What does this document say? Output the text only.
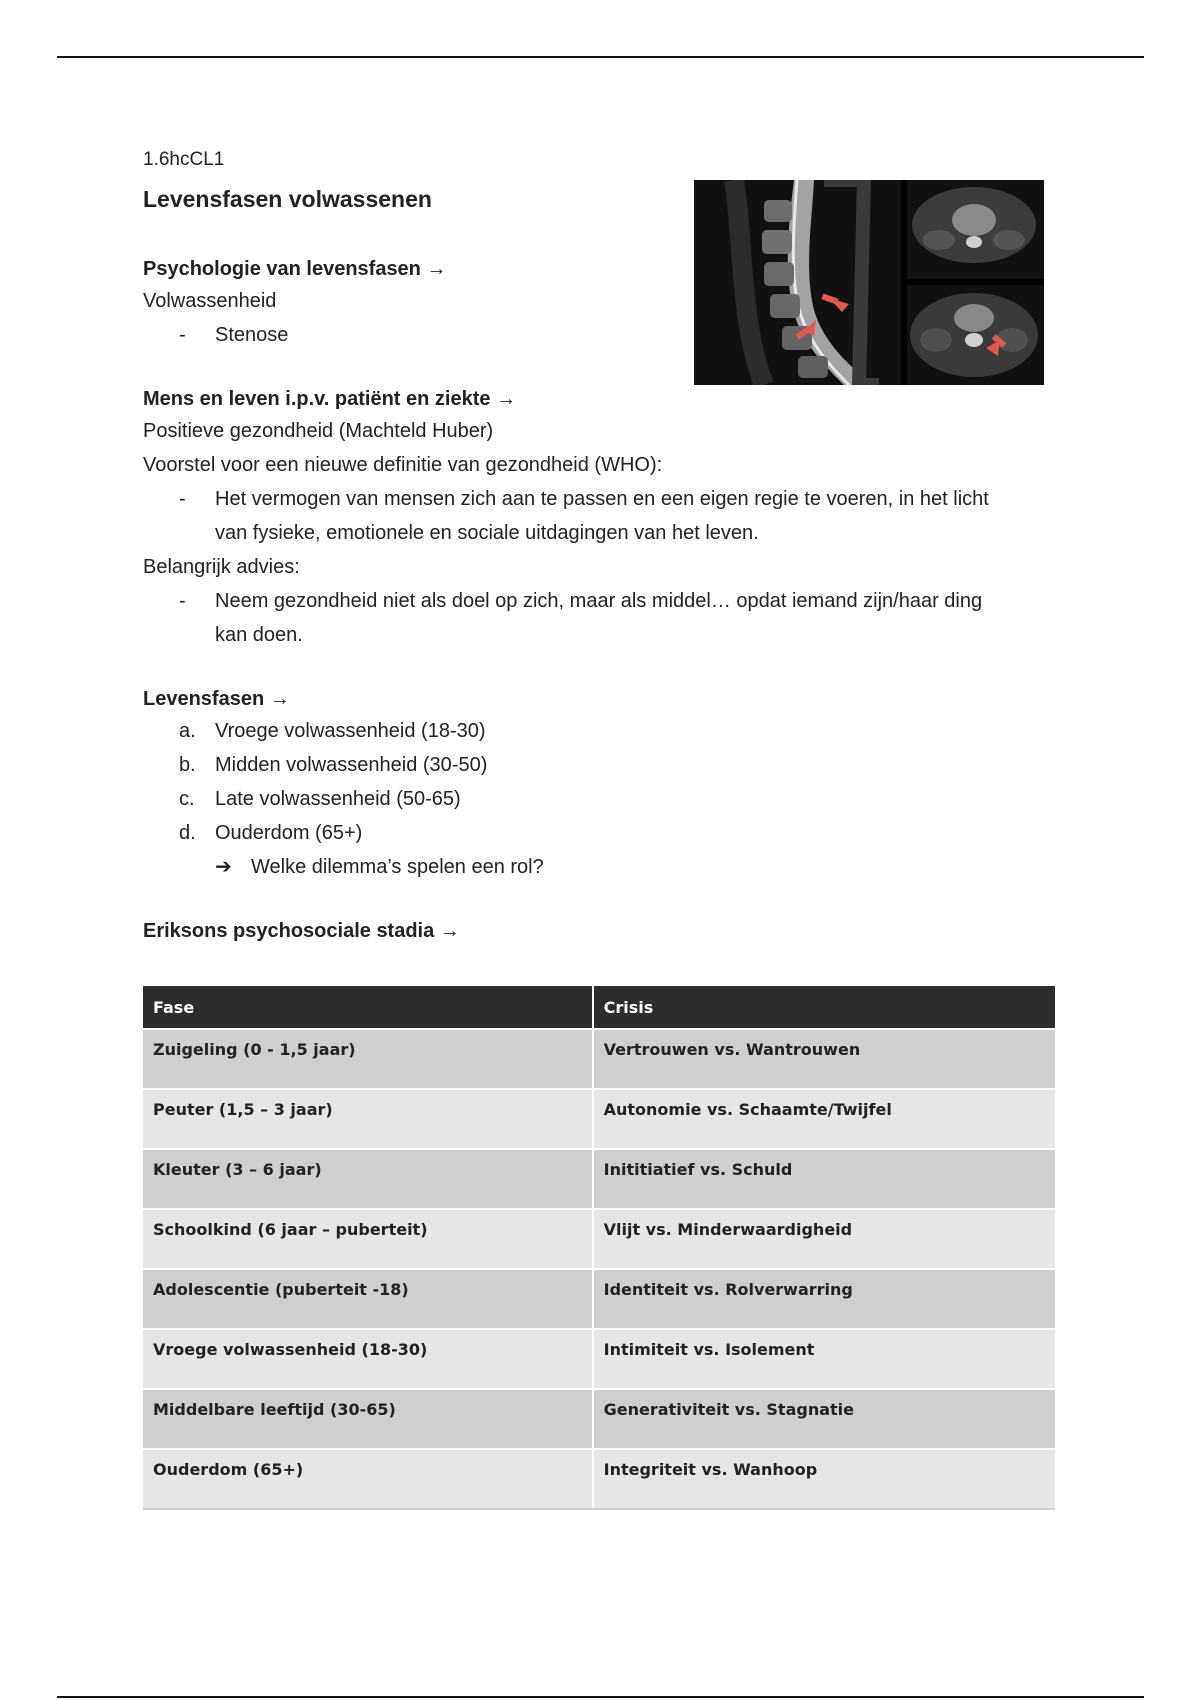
1.6hcCL1

Levensfasen volwassenen

Psychologie van levensfasen →

Volwassenheid

-	Stenose

Mens en leven i.p.v. patiënt en ziekte →

Positieve gezondheid (Machteld Huber)

Voorstel voor een nieuwe definitie van gezondheid (WHO):

-	Het vermogen van mensen zich aan te passen en een eigen regie te voeren, in het licht van fysieke, emotionele en sociale uitdagingen van het leven.

Belangrijk advies:

-	Neem gezondheid niet als doel op zich, maar als middel… opdat iemand zijn/haar ding kan doen.

Levensfasen →

a. Vroege volwassenheid (18-30)
b. Midden volwassenheid (30-50)
c.	Late volwassenheid (50-65)
d. Ouderdom (65+)
➔ Welke dilemma’s spelen een rol?

Eriksons psychosociale stadia →

Fase	Crisis
Zuigeling (0 - 1,5 jaar)	Vertrouwen vs. Wantrouwen
Peuter (1,5 – 3 jaar)	Autonomie vs. Schaamte/Twijfel
Kleuter (3 – 6 jaar)	Inititiatief vs. Schuld
Schoolkind (6 jaar – puberteit)	Vlijt vs. Minderwaardigheid
Adolescentie (puberteit -18)	Identiteit vs. Rolverwarring
Vroege volwassenheid (18-30)	Intimiteit vs. Isolement
Middelbare leeftijd (30-65)	Generativiteit vs. Stagnatie
Ouderdom (65+)	Integriteit vs. Wanhoop
